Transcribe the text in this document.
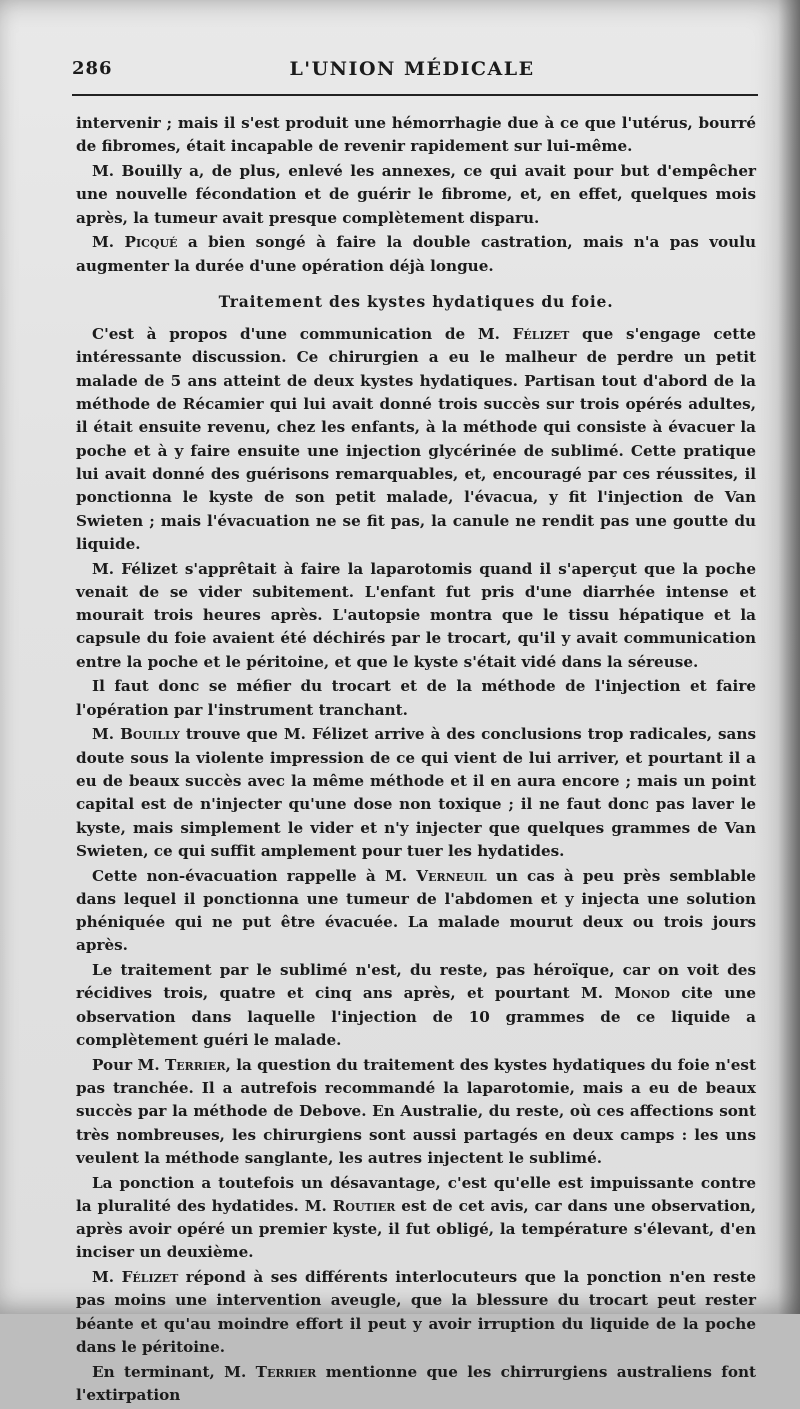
286	L'UNION MÉDICALE

intervenir ; mais il s'est produit une hémorrhagie due à ce que l'utérus, bourré de fibromes, était incapable de revenir rapidement sur lui-même.

M. Bouilly a, de plus, enlevé les annexes, ce qui avait pour but d'empêcher une nouvelle fécondation et de guérir le fibrome, et, en effet, quelques mois après, la tumeur avait presque complètement disparu.

M. Picqué a bien songé à faire la double castration, mais n'a pas voulu augmenter la durée d'une opération déjà longue.

Traitement des kystes hydatiques du foie.

C'est à propos d'une communication de M. Félizet que s'engage cette intéressante discussion. Ce chirurgien a eu le malheur de perdre un petit malade de 5 ans atteint de deux kystes hydatiques. Partisan tout d'abord de la méthode de Récamier qui lui avait donné trois succès sur trois opérés adultes, il était ensuite revenu, chez les enfants, à la méthode qui consiste à évacuer la poche et à y faire ensuite une injection glycérinée de sublimé. Cette pratique lui avait donné des guérisons remarquables, et, encouragé par ces réussites, il ponctionna le kyste de son petit malade, l'évacua, y fit l'injection de Van Swieten ; mais l'évacuation ne se fit pas, la canule ne rendit pas une goutte du liquide.

M. Félizet s'apprêtait à faire la laparotomis quand il s'aperçut que la poche venait de se vider subitement. L'enfant fut pris d'une diarrhée intense et mourait trois heures après. L'autopsie montra que le tissu hépatique et la capsule du foie avaient été déchirés par le trocart, qu'il y avait communication entre la poche et le péritoine, et que le kyste s'était vidé dans la séreuse.

Il faut donc se méfier du trocart et de la méthode de l'injection et faire l'opération par l'instrument tranchant.

M. Bouilly trouve que M. Félizet arrive à des conclusions trop radicales, sans doute sous la violente impression de ce qui vient de lui arriver, et pourtant il a eu de beaux succès avec la même méthode et il en aura encore ; mais un point capital est de n'injecter qu'une dose non toxique ; il ne faut donc pas laver le kyste, mais simplement le vider et n'y injecter que quelques grammes de Van Swieten, ce qui suffit amplement pour tuer les hydatides.

Cette non-évacuation rappelle à M. Verneuil un cas à peu près semblable dans lequel il ponctionna une tumeur de l'abdomen et y injecta une solution phéniquée qui ne put être évacuée. La malade mourut deux ou trois jours après.

Le traitement par le sublimé n'est, du reste, pas héroïque, car on voit des récidives trois, quatre et cinq ans après, et pourtant M. Monod cite une observation dans laquelle l'injection de 10 grammes de ce liquide a complètement guéri le malade.

Pour M. Terrier, la question du traitement des kystes hydatiques du foie n'est pas tranchée. Il a autrefois recommandé la laparotomie, mais a eu de beaux succès par la méthode de Debove. En Australie, du reste, où ces affections sont très nombreuses, les chirurgiens sont aussi partagés en deux camps : les uns veulent la méthode sanglante, les autres injectent le sublimé.

La ponction a toutefois un désavantage, c'est qu'elle est impuissante contre la pluralité des hydatides. M. Routier est de cet avis, car dans une observation, après avoir opéré un premier kyste, il fut obligé, la température s'élevant, d'en inciser un deuxième.

M. Félizet répond à ses différents interlocuteurs que la ponction n'en reste pas moins une intervention aveugle, que la blessure du trocart peut rester béante et qu'au moindre effort il peut y avoir irruption du liquide de la poche dans le péritoine.

En terminant, M. Terrier mentionne que les chirrurgiens australiens font l'extirpation
